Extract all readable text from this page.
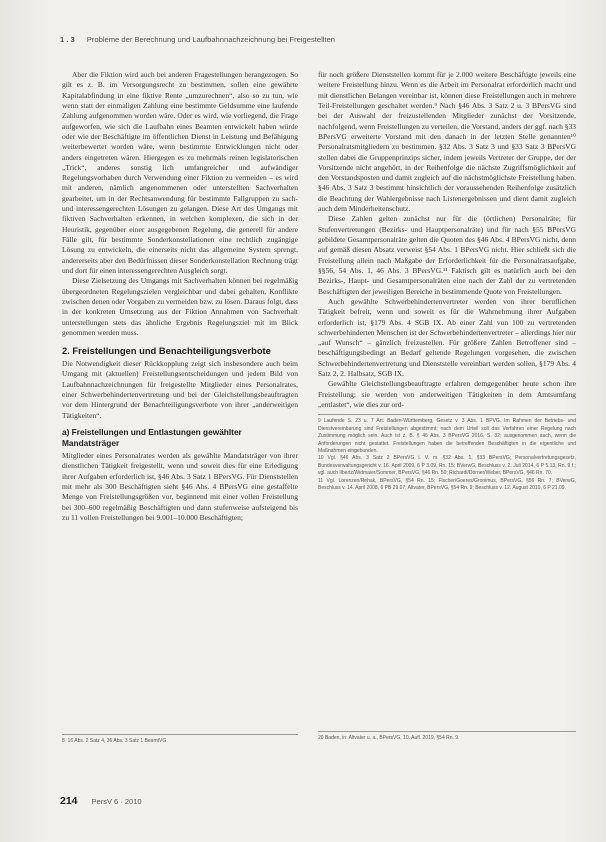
1 . 3 Probleme der Berechnung und Laufbahnnachzeichnung bei Freigestellten

Aber die Fiktion wird auch bei anderen Fragestellungen herangezogen. So gilt es z. B. im Versorgungsrecht zu bestimmen, sollen eine gewährte Kapitalabfindung in eine fiktive Rente „umzurechnen“, also so zu tun, wie wenn statt der einmaligen Zahlung eine bestimmte Geldsumme eine laufende Zahlung aufgenommen worden wäre. Oder es wird, wie vorliegend, die Frage aufgeworfen, wie sich die Laufbahn eines Beamten entwickelt haben würde oder wie der Beschäftigte im öffentlichen Dienst in Leistung und Befähigung weiterbewertet worden wäre, wenn bestimmte Entwicklungen nicht oder anders eingetreten wären. Hiergegen es zu mehrmals reinen legislatorischen „Trick“, anderes sonstig lich umfangreicher und aufwändiger Regelungsvorhaben durch Verwendung einer Fiktion zu vermeiden – es wird mit anderen, nämlich angenommenen oder unterstellten Sachverhalten gearbeitet, um in der Rechtsanwendung für bestimmte Fallgruppen zu sach- und interessengerechten Lösungen zu gelangen. Diese Art des Umgangs mit fiktiven Sachverhalten erkennen, in welchen komplexen, die sich in der Heuristik, gegenüber einer ausgegebenen Regelung, die generell für andere Fälle gilt, für bestimmte Sonderkonstellationen eine rechtlich zugängige Lösung zu entwickeln, die einerseits nicht das allgemeine System sprengt, andererseits aber den Bedürfnissen dieser Sonderkonstellation Rechnung trägt und dort für einen interessengerechten Ausgleich sorgt.

Diese Zielsetzung des Umgangs mit Sachverhalten können bei regelmäßig übergeordneten Regelungszielen vergleichbar und dabei gehalten, Konflikte zwischen denen oder Vorgaben zu vermeiden bzw. zu lösen. Daraus folgt, dass in der konkreten Umsetzung aus der Fiktion Annahmen von Sachverhalt unterstellungen stets das ähnliche Ergebnis Regelungsziel mit im Blick genommen werden muss.

2. Freistellungen und Benachteiligungsverbote

Die Notwendigkeit dieser Rückkopplung zeigt sich insbesondere auch beim Umgang mit (aktuellen) Freistellungsentscheidungen und jedem Bild von Laufbahnnachzeichnungen für freigestellte Mitglieder eines Personalrates, einer Schwerbehindertenvertretung und bei der Gleichstellungsbeauftragten vor dem Hintergrund der Benachteiligungsverbote von ihrer „anderweitigen Tätigkeiten“.

a) Freistellungen und Entlastungen gewählter Mandatsträger

Mitglieder eines Personalrates werden als gewählte Mandatsträger von ihrer dienstlichen Tätigkeit freigestellt, wenn und soweit dies für eine Erledigung ihrer Aufgaben erforderlich ist, §46 Abs. 3 Satz 1 BPersVG. Für Dienststellen mit mehr als 300 Beschäftigten sieht §46 Abs. 4 BPersVG eine gestaffelte Menge von Freistellungsgrößen vor, beginnend mit einer vollen Freistellung bei 300–600 regelmäßig Beschäftigten und dann stufenweise aufsteigend bis zu 11 vollen Freistellungen bei 9.001–10.000 Beschäftigten;

8  16 Abs. 2 Satz 4, 36 Abs. 3 Satz 1 BeamtVG.

für noch größere Dienststellen kommt für je 2.000 weitere Beschäftigte jeweils eine weitere Freistellung hinzu. Wenn es die Arbeit im Personalrat erforderlich macht und mit dienstlichen Belangen vereinbar ist, können diese Freistellungen auch in mehrere Teil-Freistellungen geschaltet werden.⁹ Nach §46 Abs. 3 Satz 2 u. 3 BPersVG sind bei der Auswahl der freizustellenden Mitglieder zunächst der Vorsitzende, nachfolgend, wenn Freistellungen zu verteilen, die Vorstand, anders der ggf. nach §33 BPersVG erweiterte Vorstand mit den danach in der letzten Stelle genannten¹⁰ Personalratsmitgliedern zu bestimmen. §32 Abs. 3 Satz 3 und §33 Satz 3 BPersVG stellen dabei die Gruppenprinzips sicher, indem jeweils Vertreter der Gruppe, der der Vorsitzende nicht angehört, in der Reihenfolge die nächste Zugriffsmöglichkeit auf den Vorstandsposten und damit zugleich auf die nächstmöglichste Freistellung haben. §46 Abs. 3 Satz 3 bestimmt hinsichtlich der voraussehenden Reihenfolge zusätzlich die Beachtung der Wahlergebnisse nach Listenergebnissen und dient damit zugleich auch dem Minderheitenschutz.

Diese Zahlen gelten zunächst nur für die (örtlichen) Personalräte; für Stufenvertretungen (Bezirks- und Hauptpersonalräte) und für nach §55 BPersVG gebildete Gesamtpersonalräte gelten die Quoten des §46 Abs. 4 BPersVG nicht, denn auf gemäß diesen Absatz verweist §54 Abs. 1 BPersVG nicht. Hier schließt sich die Freistellung allein nach Maßgabe der Erforderlichkeit für die Personalratsaufgabe, §§56, 54 Abs. 1, 46 Abs. 3 BPersVG.¹¹ Faktisch gilt es natürlich auch bei den Bezirks-, Haupt- und Gesamtpersonalräten eine nach der Zahl der zu vertretenden Beschäftigten der jeweiligen Bereiche in bestimmende Quote von Freistellungen.

Auch gewählte Schwerbehindertenvertreter werden von ihrer beruflichen Tätigkeit befreit, wenn und soweit es für die Wahrnehmung ihrer Aufgaben erforderlich ist, §179 Abs. 4 SGB IX. Ab einer Zahl von 100 zu vertretenden schwerbehinderten Menschen ist der Schwerbehindertenvertreter – allerdings hier nur „auf Wunsch“ – gänzlich freizustellen. Für größere Zahlen Betroffener sind – beschäftigungsbedingt an Bedarf geltende Regelungen vorgesehen, die zwischen Schwerbehindertenvertretung und Dienststelle vereinbart werden sollen, §179 Abs. 4 Satz 2, 2. Halbsatz, SGB IX.

Gewählte Gleichstellungsbeauftragte erfahren demgegenüber heute schon ihre Freistellung; sie werden von anderweitigen Tätigkeiten in dem Amtsumfang „entlastet“, wie dies zur ord-

9 Laufende S. 23 u. 7 Art. Baden-Württemberg, Gesetz v. 3 Abs. 1 BPVG. Im Rahmen der Betriebs- und Dienstvereinbarung sind Freistellungen abgestimmt; nach dem Urteil soll das Verfahren einer Regelung nach Zustimmung möglich sein. Auch ist z. B. § 46 Abs. 3 BPersVG 2016, S. 32; ausgenommen auch, wenn die Anforderungen nicht gestattet. Freistellungen haben die betreffenden Beschäftigten in die eigentliche und Maßnahmen eingebunden.

10 Vgl. §46 Abs. 3 Satz 2 BPersVG i. V. m. §32 Abs. 1, §33 BPersVG; Personalvertretungsgesetz, Bundesverwaltungsgericht v. 16. April 2009, 6 P 3.09, Rn. 15; BVerwG, Beschluss v. 2. Juli 2014, 6 P 5.13, Rn. 9 f.; vgl. auch Ilbertz/Widmaier/Sommer, BPersVG, §46 Rn. 50; Richardi/Dörner/Weber, BPersVG, §46 Rn. 70.

11 Vgl. Lorenzen/Rehak, BPersVG, §54 Rn. 15; Fischer/Goeres/Gronimus, BPersVG, §56 Rn. 7; BVerwG, Beschluss v. 14. April 2008, 6 PB 29.07; Altvater, BPersVG, §54 Rn. 9; Beschluss v. 12. August 2010, 6 P 21.09.

20 Baden, in: Altvater u. a., BPersVG, 10. Aufl. 2019, §54 Rn. 9.

214 PersV 6 · 2010
